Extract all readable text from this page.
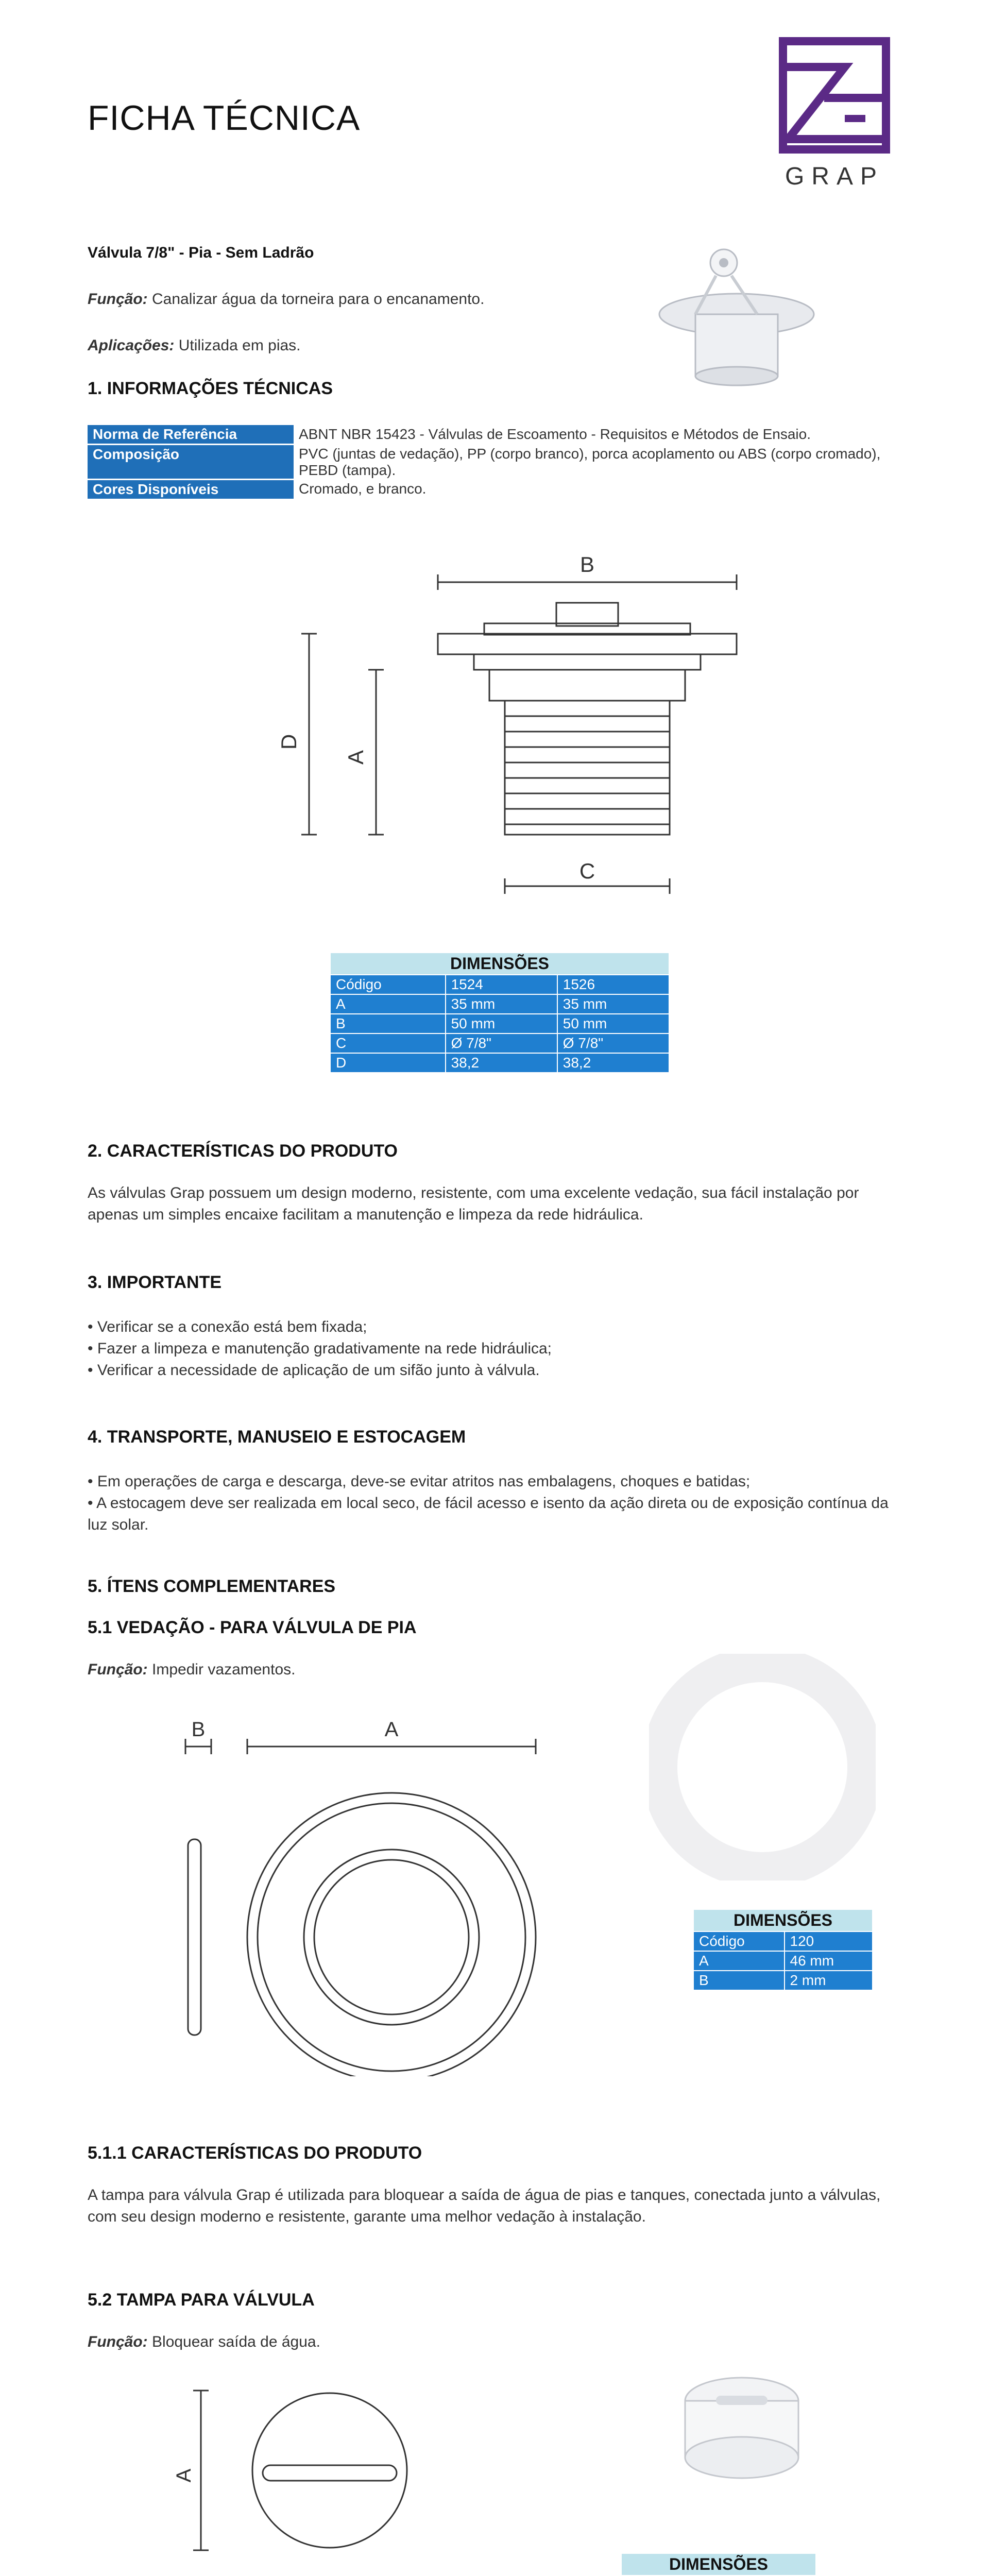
FICHA TÉCNICA
GRAP
Válvula 7/8" - Pia - Sem Ladrão
Função: Canalizar água da torneira para o encanamento.
Aplicações: Utilizada em pias.
1. INFORMAÇÕES TÉCNICAS
Norma de Referência	ABNT NBR 15423 - Válvulas de Escoamento - Requisitos e Métodos de Ensaio.
Composição	PVC (juntas de vedação), PP (corpo branco), porca acoplamento ou ABS (corpo cromado), PEBD (tampa).
Cores Disponíveis	Cromado, e branco.
B
D
A
C
DIMENSÕES		
Código	1524	1526
A	35 mm	35 mm
B	50 mm	50 mm
C	Ø 7/8"	Ø 7/8"
D	38,2	38,2
2. CARACTERÍSTICAS DO PRODUTO
As válvulas Grap possuem um design moderno, resistente, com uma excelente vedação, sua fácil instalação por apenas um simples encaixe facilitam a manutenção e limpeza da rede hidráulica.
3. IMPORTANTE
• Verificar se a conexão está bem fixada;
• Fazer a limpeza e manutenção gradativamente na rede hidráulica;
• Verificar a necessidade de aplicação de um sifão junto à válvula.
4. TRANSPORTE, MANUSEIO E ESTOCAGEM
• Em operações de carga e descarga, deve-se evitar atritos nas embalagens, choques e batidas;
• A estocagem deve ser realizada em local seco, de fácil acesso e isento da ação direta ou de exposição contínua da luz solar.
5. ÍTENS COMPLEMENTARES
5.1 VEDAÇÃO - PARA VÁLVULA DE PIA
Função: Impedir vazamentos.
B	A
DIMENSÕES	
Código	120
A	46 mm
B	2 mm
5.1.1 CARACTERÍSTICAS DO PRODUTO
A tampa para válvula Grap é utilizada para bloquear a saída de água de pias e tanques, conectada junto a válvulas, com seu design moderno e resistente, garante uma melhor vedação à instalação.
5.2 TAMPA PARA VÁLVULA
Função: Bloquear saída de água.
A
DIMENSÕES	
